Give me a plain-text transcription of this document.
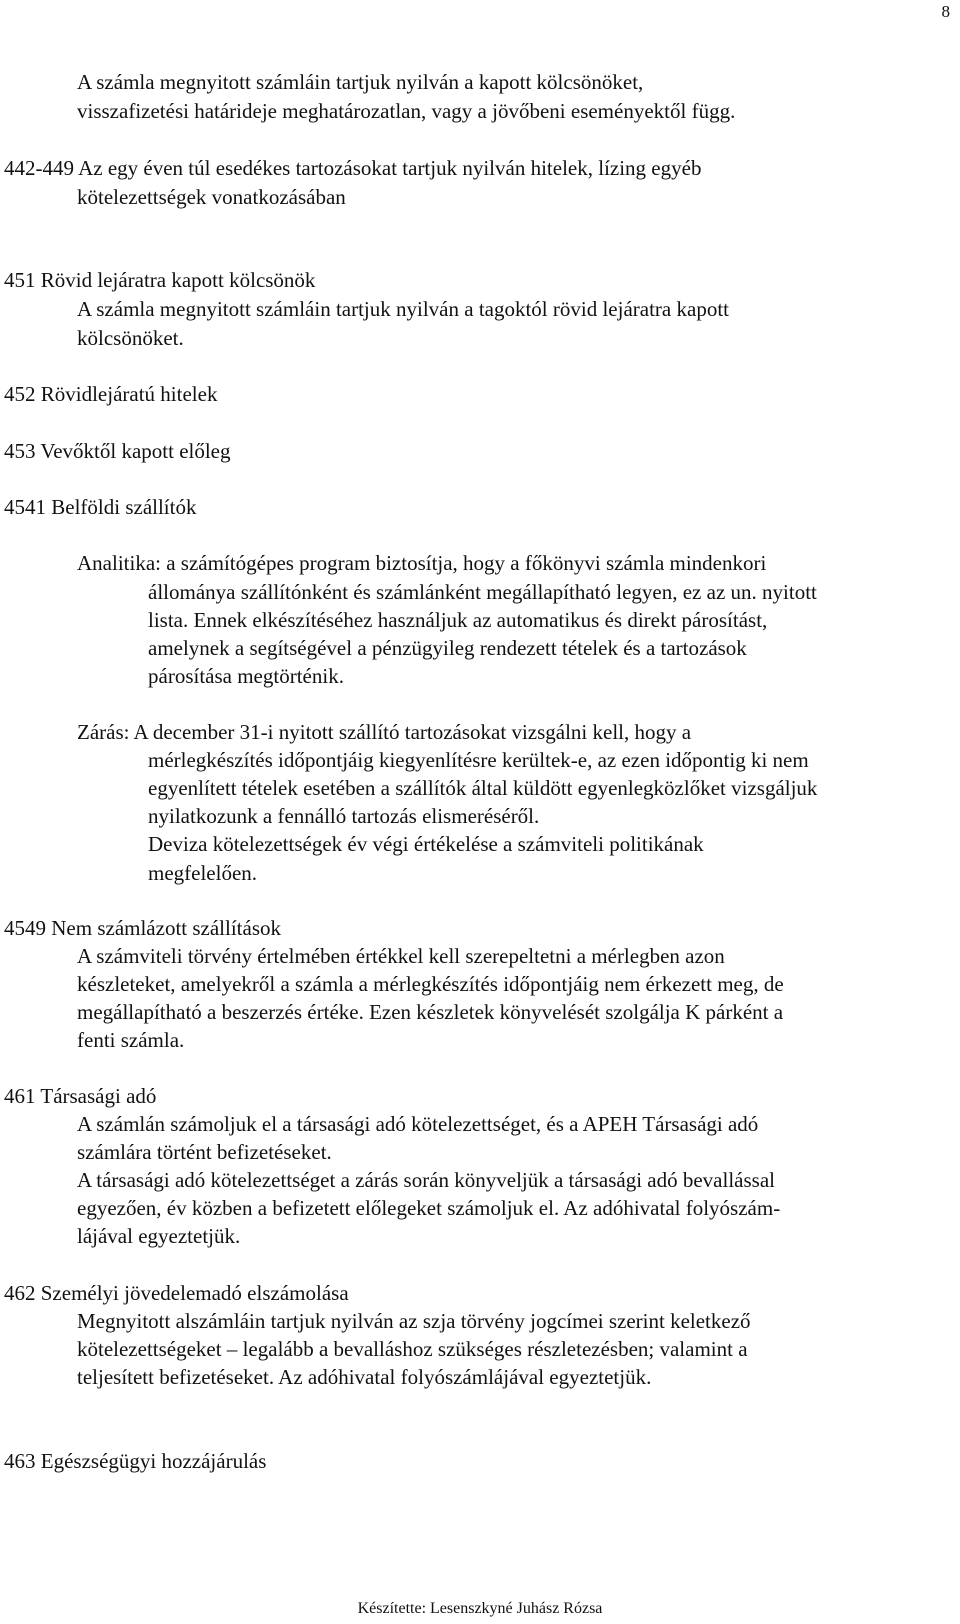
8
A számla megnyitott számláin tartjuk nyilván a kapott kölcsönöket,
visszafizetési határideje meghatározatlan, vagy a jövőbeni eseményektől függ.
442-449 Az egy éven túl esedékes tartozásokat tartjuk nyilván hitelek, lízing egyéb
kötelezettségek vonatkozásában
451 Rövid lejáratra kapott kölcsönök
A számla megnyitott számláin tartjuk nyilván a tagoktól rövid lejáratra kapott
kölcsönöket.
452 Rövidlejáratú hitelek
453 Vevőktől kapott előleg
4541 Belföldi szállítók
Analitika: a számítógépes program biztosítja, hogy a főkönyvi számla mindenkori
állománya szállítónként és számlánként megállapítható legyen, ez az un. nyitott
lista. Ennek elkészítéséhez használjuk az automatikus és direkt párosítást,
amelynek a segítségével a pénzügyileg rendezett tételek és a tartozások
párosítása megtörténik.
Zárás: A december 31-i nyitott szállító tartozásokat vizsgálni kell, hogy a
mérlegkészítés időpontjáig kiegyenlítésre kerültek-e, az ezen időpontig ki nem
egyenlített tételek esetében a szállítók által küldött egyenlegközlőket vizsgáljuk
nyilatkozunk a fennálló tartozás elismeréséről.
Deviza kötelezettségek év végi értékelése a számviteli politikának
megfelelően.
4549 Nem számlázott szállítások
A számviteli törvény értelmében értékkel kell szerepeltetni a mérlegben azon
készleteket, amelyekről a számla a mérlegkészítés időpontjáig nem érkezett meg, de
megállapítható a beszerzés értéke. Ezen készletek könyvelését szolgálja K párként a
fenti számla.
461 Társasági adó
A számlán számoljuk el a társasági adó kötelezettséget, és a APEH Társasági adó
számlára történt befizetéseket.
A társasági adó kötelezettséget a zárás során könyveljük a társasági adó bevallással
egyezően, év közben a befizetett előlegeket számoljuk el. Az adóhivatal folyószám-
lájával egyeztetjük.
462 Személyi jövedelemadó elszámolása
Megnyitott alszámláin tartjuk nyilván az szja törvény jogcímei szerint keletkező
kötelezettségeket – legalább a bevalláshoz szükséges részletezésben; valamint a
teljesített befizetéseket. Az adóhivatal folyószámlájával egyeztetjük.
463 Egészségügyi hozzájárulás
Készítette: Lesenszkyné Juhász Rózsa
